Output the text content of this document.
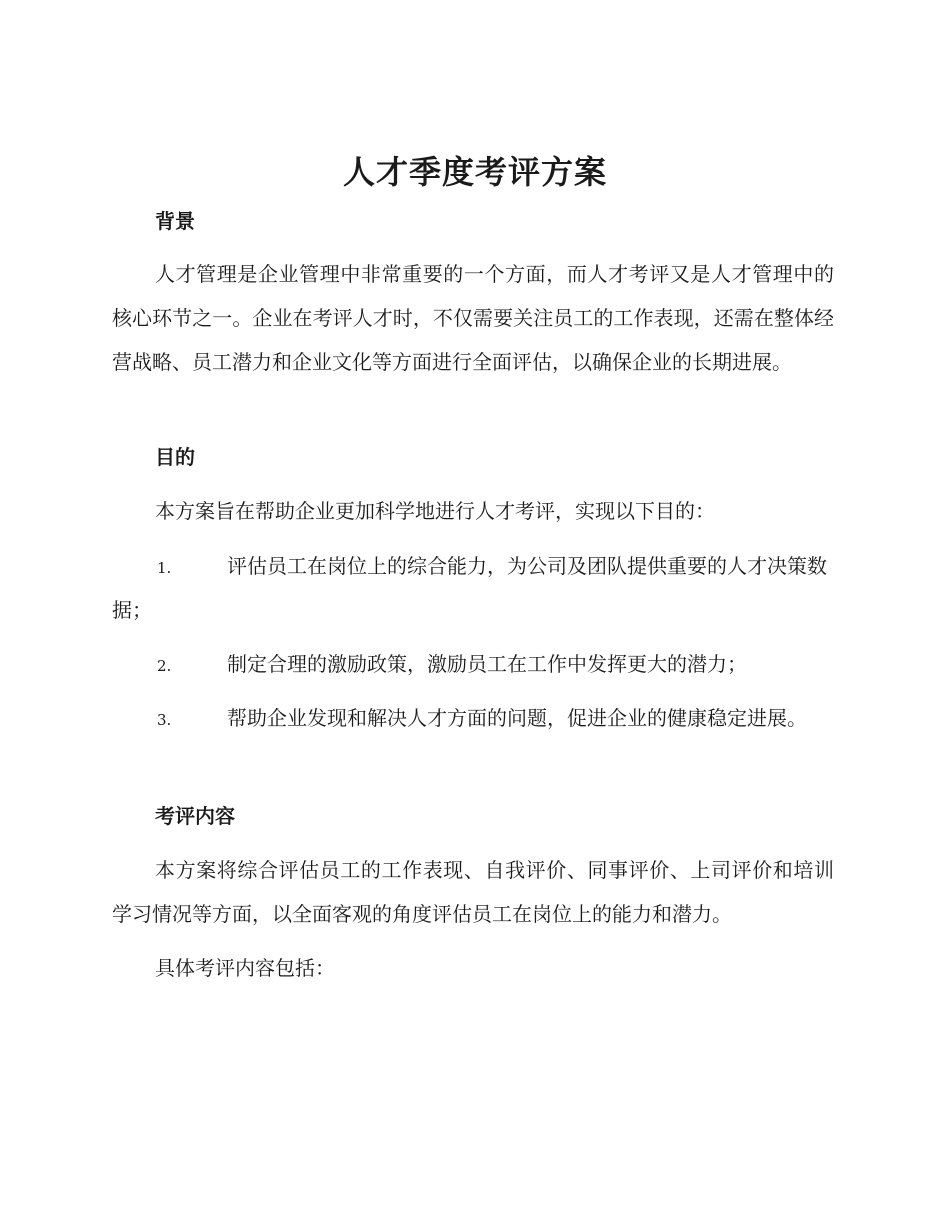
人才季度考评方案
背景

人才管理是企业管理中非常重要的一个方面，而人才考评又是人才管理中的核心环节之一。企业在考评人才时，不仅需要关注员工的工作表现，还需在整体经营战略、员工潜力和企业文化等方面进行全面评估，以确保企业的长期进展。

目的

本方案旨在帮助企业更加科学地进行人才考评，实现以下目的：

1.	评估员工在岗位上的综合能力，为公司及团队提供重要的人才决策数据；

2.	制定合理的激励政策，激励员工在工作中发挥更大的潜力；

3.	帮助企业发现和解决人才方面的问题，促进企业的健康稳定进展。

考评内容

本方案将综合评估员工的工作表现、自我评价、同事评价、上司评价和培训学习情况等方面，以全面客观的角度评估员工在岗位上的能力和潜力。

具体考评内容包括：
